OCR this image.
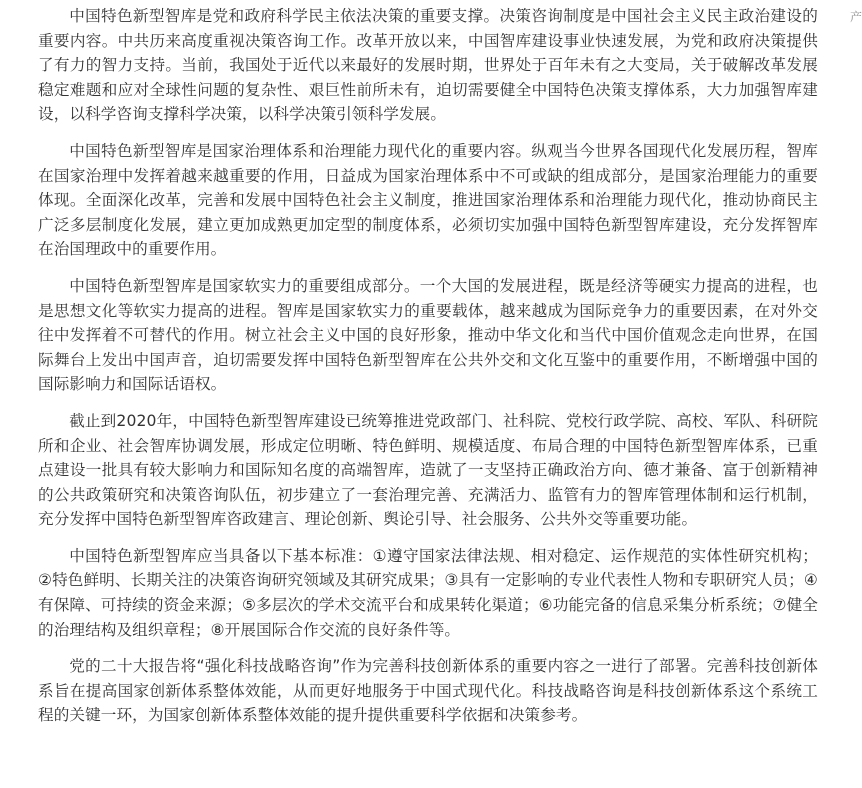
中国特色新型智库是党和政府科学民主依法决策的重要支撑。决策咨询制度是中国社会主义民主政治建设的重要内容。中共历来高度重视决策咨询工作。改革开放以来，中国智库建设事业快速发展，为党和政府决策提供了有力的智力支持。当前，我国处于近代以来最好的发展时期，世界处于百年未有之大变局，关于破解改革发展稳定难题和应对全球性问题的复杂性、艰巨性前所未有，迫切需要健全中国特色决策支撑体系，大力加强智库建设，以科学咨询支撑科学决策，以科学决策引领科学发展。

中国特色新型智库是国家治理体系和治理能力现代化的重要内容。纵观当今世界各国现代化发展历程，智库在国家治理中发挥着越来越重要的作用，日益成为国家治理体系中不可或缺的组成部分，是国家治理能力的重要体现。全面深化改革，完善和发展中国特色社会主义制度，推进国家治理体系和治理能力现代化，推动协商民主广泛多层制度化发展，建立更加成熟更加定型的制度体系，必须切实加强中国特色新型智库建设，充分发挥智库在治国理政中的重要作用。

中国特色新型智库是国家软实力的重要组成部分。一个大国的发展进程，既是经济等硬实力提高的进程，也是思想文化等软实力提高的进程。智库是国家软实力的重要载体，越来越成为国际竞争力的重要因素，在对外交往中发挥着不可替代的作用。树立社会主义中国的良好形象，推动中华文化和当代中国价值观念走向世界，在国际舞台上发出中国声音，迫切需要发挥中国特色新型智库在公共外交和文化互鉴中的重要作用，不断增强中国的国际影响力和国际话语权。

截止到2020年，中国特色新型智库建设已统筹推进党政部门、社科院、党校行政学院、高校、军队、科研院所和企业、社会智库协调发展，形成定位明晰、特色鲜明、规模适度、布局合理的中国特色新型智库体系，已重点建设一批具有较大影响力和国际知名度的高端智库，造就了一支坚持正确政治方向、德才兼备、富于创新精神的公共政策研究和决策咨询队伍，初步建立了一套治理完善、充满活力、监管有力的智库管理体制和运行机制，充分发挥中国特色新型智库咨政建言、理论创新、舆论引导、社会服务、公共外交等重要功能。

中国特色新型智库应当具备以下基本标准：①遵守国家法律法规、相对稳定、运作规范的实体性研究机构；②特色鲜明、长期关注的决策咨询研究领域及其研究成果；③具有一定影响的专业代表性人物和专职研究人员；④有保障、可持续的资金来源；⑤多层次的学术交流平台和成果转化渠道；⑥功能完备的信息采集分析系统；⑦健全的治理结构及组织章程；⑧开展国际合作交流的良好条件等。

党的二十大报告将“强化科技战略咨询”作为完善科技创新体系的重要内容之一进行了部署。完善科技创新体系旨在提高国家创新体系整体效能，从而更好地服务于中国式现代化。科技战略咨询是科技创新体系这个系统工程的关键一环，为国家创新体系整体效能的提升提供重要科学依据和决策参考。

产
